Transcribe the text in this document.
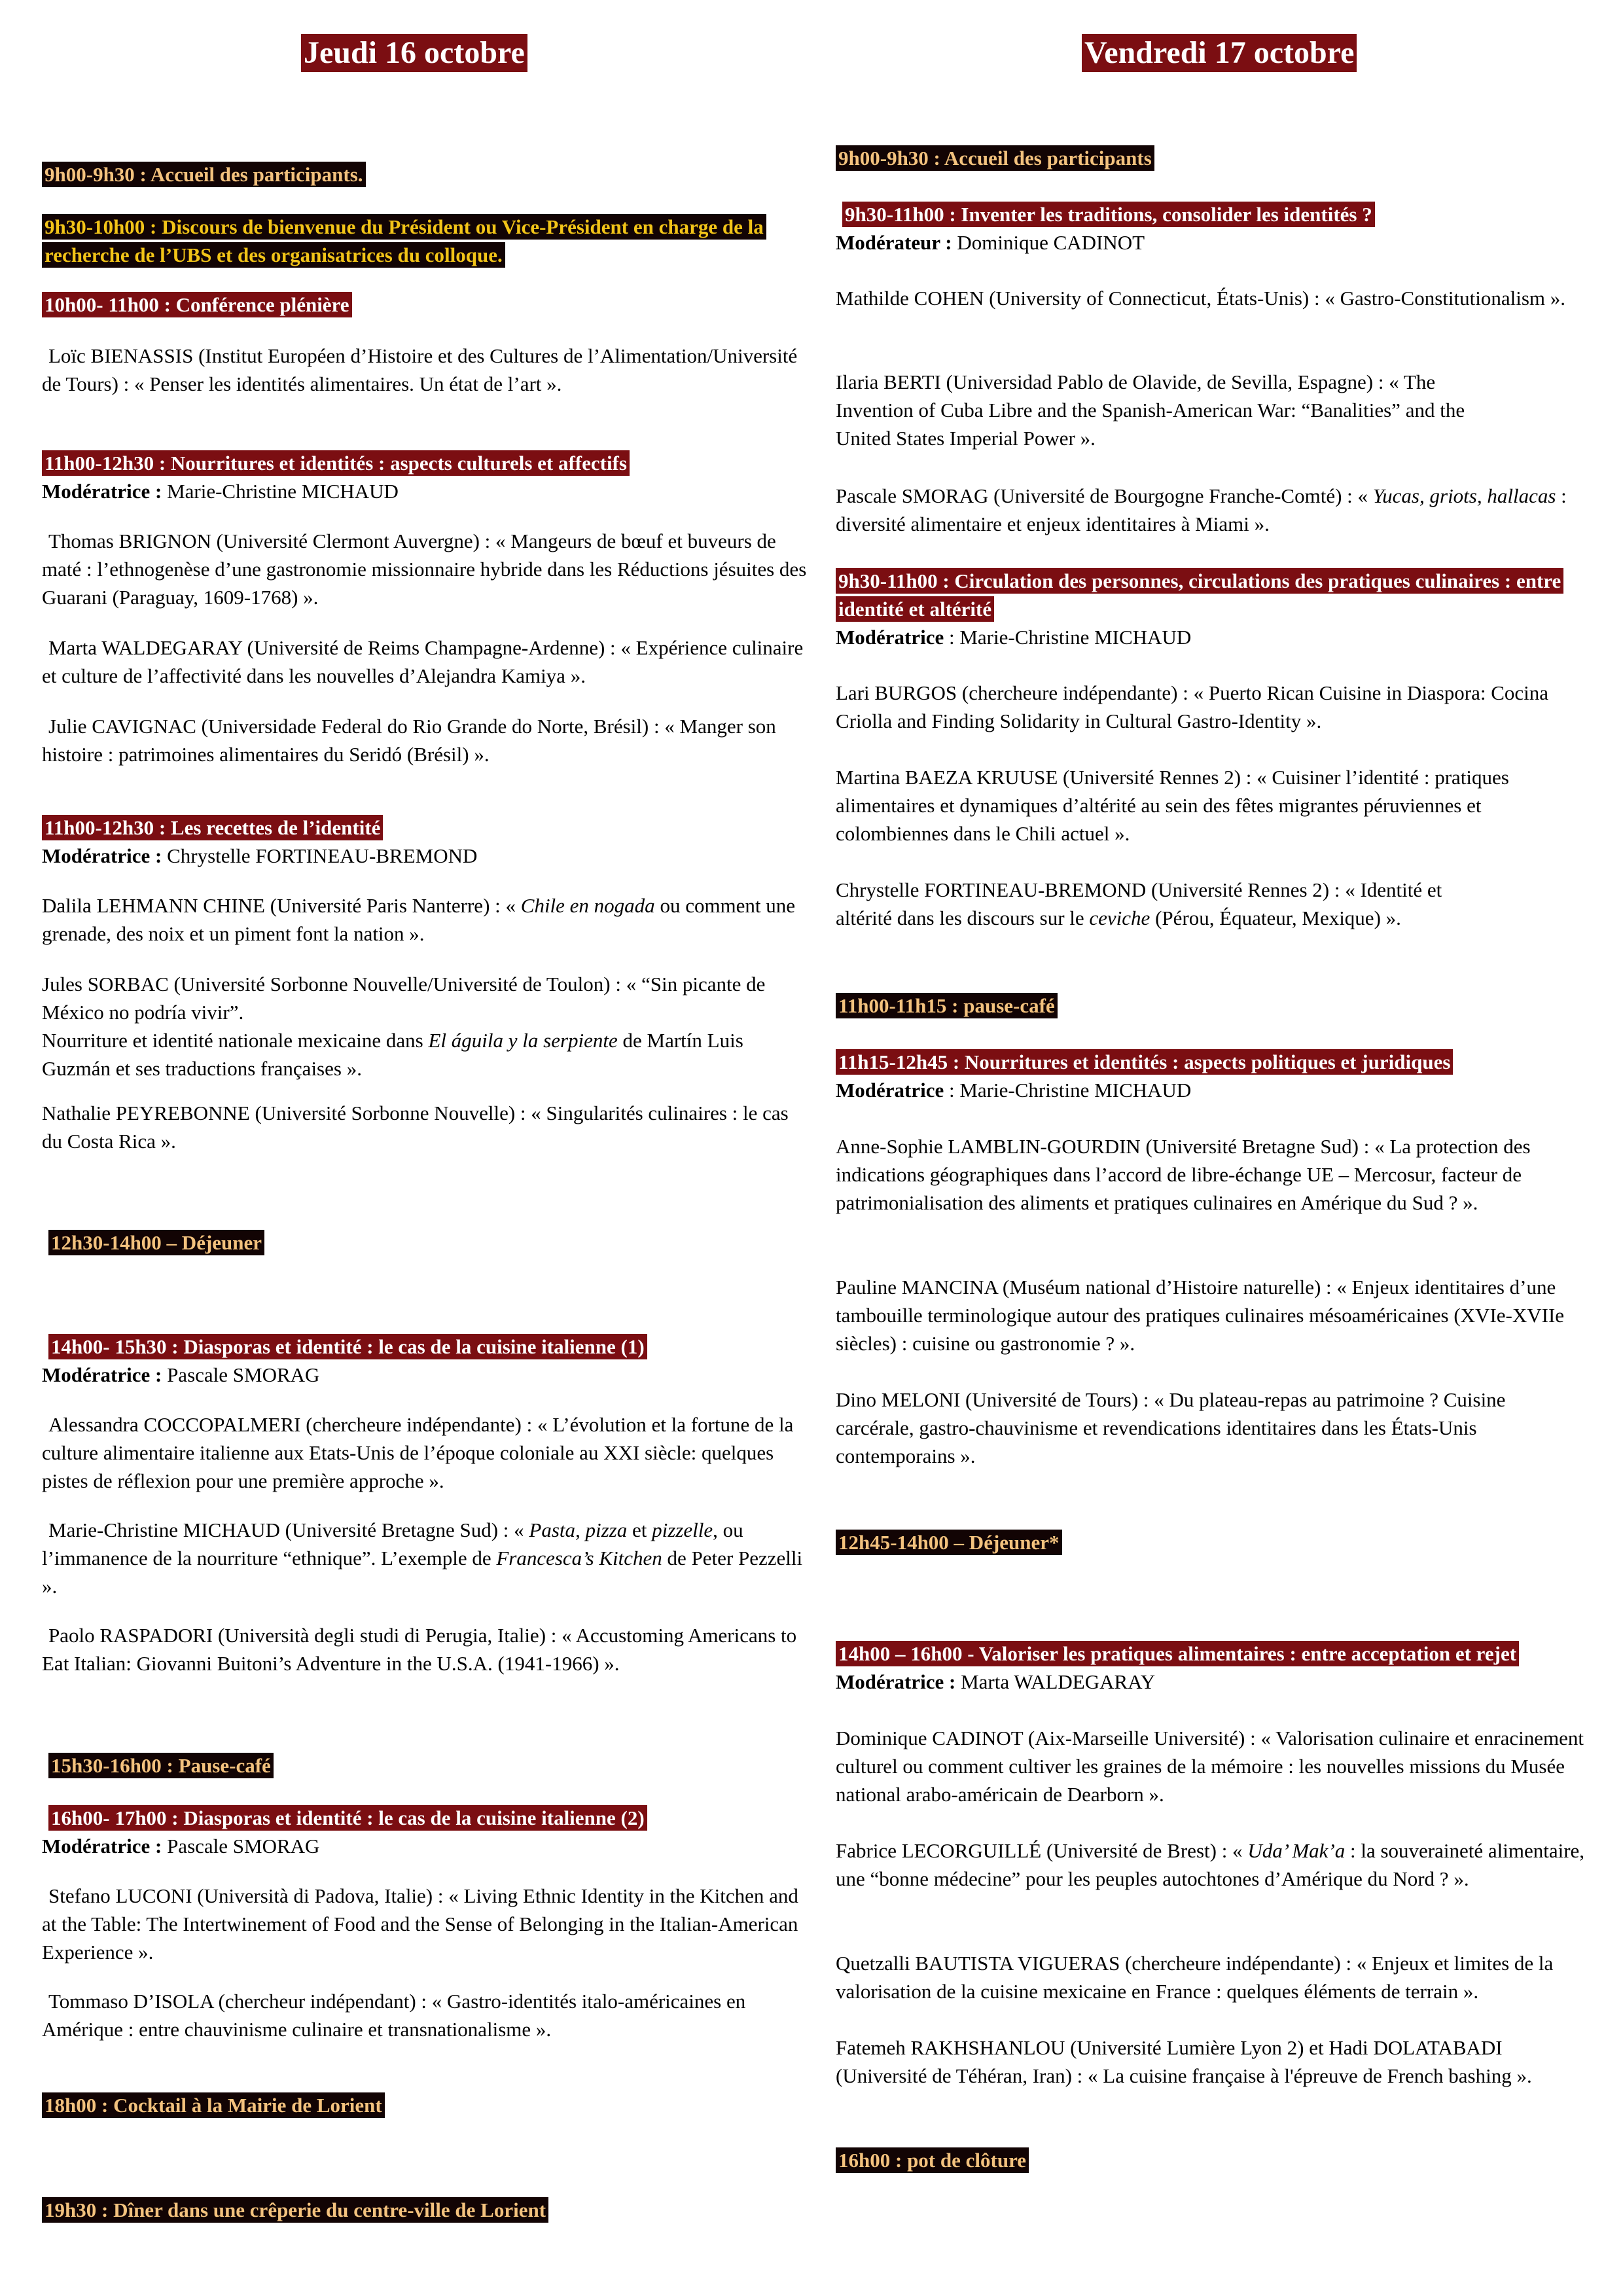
Jeudi 16 octobre
9h00-9h30 : Accueil des participants.
9h30-10h00 : Discours de bienvenue du Président ou Vice-Président en charge de la recherche de l’UBS et des organisatrices du colloque.
10h00- 11h00 : Conférence plénière

Loïc BIENASSIS (Institut Européen d’Histoire et des Cultures de l’Alimentation/Université de Tours) : « Penser les identités alimentaires. Un état de l’art ».

11h00-12h30 : Nourritures et identités : aspects culturels et affectifs
Modératrice : Marie-Christine MICHAUD

Thomas BRIGNON (Université Clermont Auvergne) : « Mangeurs de bœuf et buveurs de maté : l’ethnogenèse d’une gastronomie missionnaire hybride dans les Réductions jésuites des Guarani (Paraguay, 1609-1768) ».

Marta WALDEGARAY (Université de Reims Champagne-Ardenne) : « Expérience culinaire et culture de l’affectivité dans les nouvelles d’Alejandra Kamiya ».

Julie CAVIGNAC (Universidade Federal do Rio Grande do Norte, Brésil) : « Manger son histoire : patrimoines alimentaires du Seridó (Brésil) ».

11h00-12h30 : Les recettes de l’identité
Modératrice : Chrystelle FORTINEAU-BREMOND

Dalila LEHMANN CHINE (Université Paris Nanterre) : « Chile en nogada ou comment une grenade, des noix et un piment font la nation ».

Jules SORBAC (Université Sorbonne Nouvelle/Université de Toulon) : « “Sin picante de México no podría vivir”.
Nourriture et identité nationale mexicaine dans El águila y la serpiente de Martín Luis Guzmán et ses traductions françaises ».

Nathalie PEYREBONNE (Université Sorbonne Nouvelle) : « Singularités culinaires : le cas du Costa Rica ».

12h30-14h00 – Déjeuner
14h00- 15h30 : Diasporas et identité : le cas de la cuisine italienne (1)
Modératrice : Pascale SMORAG

Alessandra COCCOPALMERI (chercheure indépendante) : « L’évolution et la fortune de la culture alimentaire italienne aux Etats-Unis de l’époque coloniale au XXI siècle: quelques pistes de réflexion pour une première approche ».

Marie-Christine MICHAUD (Université Bretagne Sud) : « Pasta, pizza et pizzelle, ou l’immanence de la nourriture “ethnique”. L’exemple de Francesca’s Kitchen de Peter Pezzelli ».

Paolo RASPADORI (Università degli studi di Perugia, Italie) : « Accustoming Americans to Eat Italian: Giovanni Buitoni’s Adventure in the U.S.A. (1941-1966) ».

15h30-16h00 : Pause-café
16h00- 17h00 : Diasporas et identité : le cas de la cuisine italienne (2)
Modératrice : Pascale SMORAG

Stefano LUCONI (Università di Padova, Italie) : « Living Ethnic Identity in the Kitchen and at the Table: The Intertwinement of Food and the Sense of Belonging in the Italian-American Experience ».

Tommaso D’ISOLA (chercheur indépendant) : « Gastro-identités italo-américaines en Amérique : entre chauvinisme culinaire et transnationalisme ».

18h00 : Cocktail à la Mairie de Lorient
19h30 : Dîner dans une crêperie du centre-ville de Lorient
Vendredi 17 octobre
9h00-9h30 : Accueil des participants
9h30-11h00 : Inventer les traditions, consolider les identités ?
Modérateur : Dominique CADINOT

Mathilde COHEN (University of Connecticut, États-Unis) : « Gastro-Constitutionalism ».

Ilaria BERTI (Universidad Pablo de Olavide, de Sevilla, Espagne) : « The Invention of Cuba Libre and the Spanish-American War: “Banalities” and the United States Imperial Power ».

Pascale SMORAG (Université de Bourgogne Franche-Comté) : « Yucas, griots, hallacas : diversité alimentaire et enjeux identitaires à Miami ».

9h30-11h00 : Circulation des personnes, circulations des pratiques culinaires : entre identité et altérité
Modératrice : Marie-Christine MICHAUD

Lari BURGOS (chercheure indépendante) : « Puerto Rican Cuisine in Diaspora: Cocina Criolla and Finding Solidarity in Cultural Gastro-Identity ».

Martina BAEZA KRUUSE (Université Rennes 2) : « Cuisiner l’identité : pratiques alimentaires et dynamiques d’altérité au sein des fêtes migrantes péruviennes et colombiennes dans le Chili actuel ».

Chrystelle FORTINEAU-BREMOND (Université Rennes 2) : « Identité et altérité dans les discours sur le ceviche (Pérou, Équateur, Mexique) ».

11h00-11h15 : pause-café
11h15-12h45 : Nourritures et identités : aspects politiques et juridiques
Modératrice : Marie-Christine MICHAUD

Anne-Sophie LAMBLIN-GOURDIN (Université Bretagne Sud) : « La protection des indications géographiques dans l’accord de libre-échange UE – Mercosur, facteur de patrimonialisation des aliments et pratiques culinaires en Amérique du Sud ? ».

Pauline MANCINA (Muséum national d’Histoire naturelle) : « Enjeux identitaires d’une tambouille terminologique autour des pratiques culinaires mésoaméricaines (XVIe-XVIIe siècles) : cuisine ou gastronomie ? ».

Dino MELONI (Université de Tours) : « Du plateau-repas au patrimoine ? Cuisine carcérale, gastro-chauvinisme et revendications identitaires dans les États-Unis contemporains ».

12h45-14h00 – Déjeuner*
14h00 – 16h00 - Valoriser les pratiques alimentaires : entre acceptation et rejet
Modératrice : Marta WALDEGARAY

Dominique CADINOT (Aix-Marseille Université) : « Valorisation culinaire et enracinement culturel ou comment cultiver les graines de la mémoire : les nouvelles missions du Musée national arabo-américain de Dearborn ».

Fabrice LECORGUILLÉ (Université de Brest) : « Uda’ Mak’a : la souveraineté alimentaire, une “bonne médecine” pour les peuples autochtones d’Amérique du Nord ? ».

Quetzalli BAUTISTA VIGUERAS (chercheure indépendante) : « Enjeux et limites de la valorisation de la cuisine mexicaine en France : quelques éléments de terrain ».

Fatemeh RAKHSHANLOU (Université Lumière Lyon 2) et Hadi DOLATABADI (Université de Téhéran, Iran) : « La cuisine française à l'épreuve de French bashing ».

16h00 : pot de clôture
